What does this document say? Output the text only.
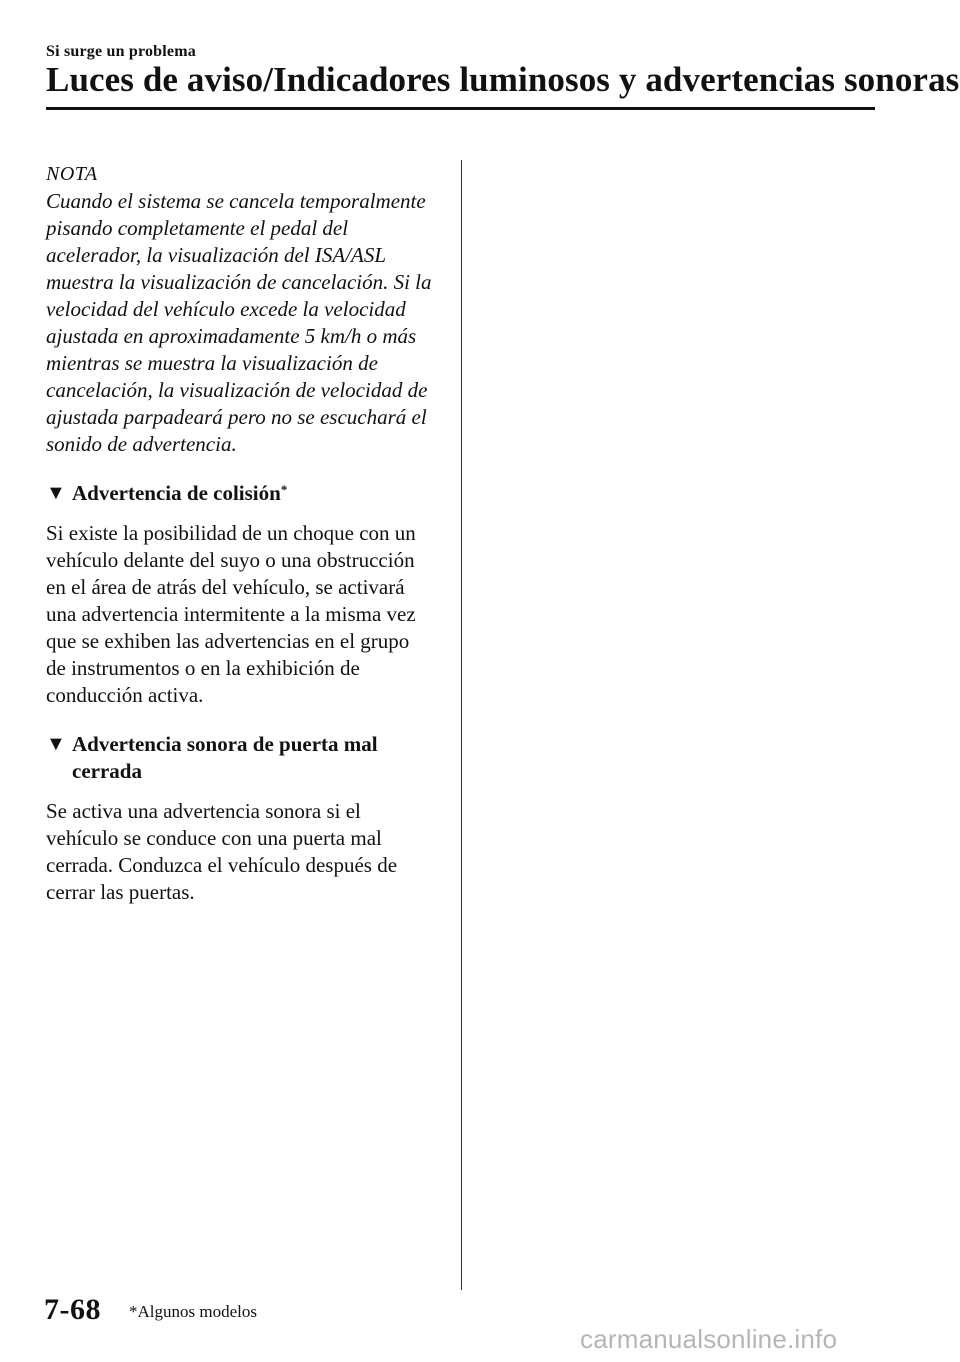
Si surge un problema
Luces de aviso/Indicadores luminosos y advertencias sonoras
NOTA

Cuando el sistema se cancela temporalmente pisando completamente el pedal del acelerador, la visualización del ISA/ASL muestra la visualización de cancelación. Si la velocidad del vehículo excede la velocidad ajustada en aproximadamente 5 km/h o más mientras se muestra la visualización de cancelación, la visualización de velocidad de ajustada parpadeará pero no se escuchará el sonido de advertencia.

▼ Advertencia de colisión*

Si existe la posibilidad de un choque con un vehículo delante del suyo o una obstrucción en el área de atrás del vehículo, se activará una advertencia intermitente a la misma vez que se exhiben las advertencias en el grupo de instrumentos o en la exhibición de conducción activa.

▼ Advertencia sonora de puerta mal cerrada

Se activa una advertencia sonora si el vehículo se conduce con una puerta mal cerrada. Conduzca el vehículo después de cerrar las puertas.

7-68 *Algunos modelos
carmanualsonline.info
